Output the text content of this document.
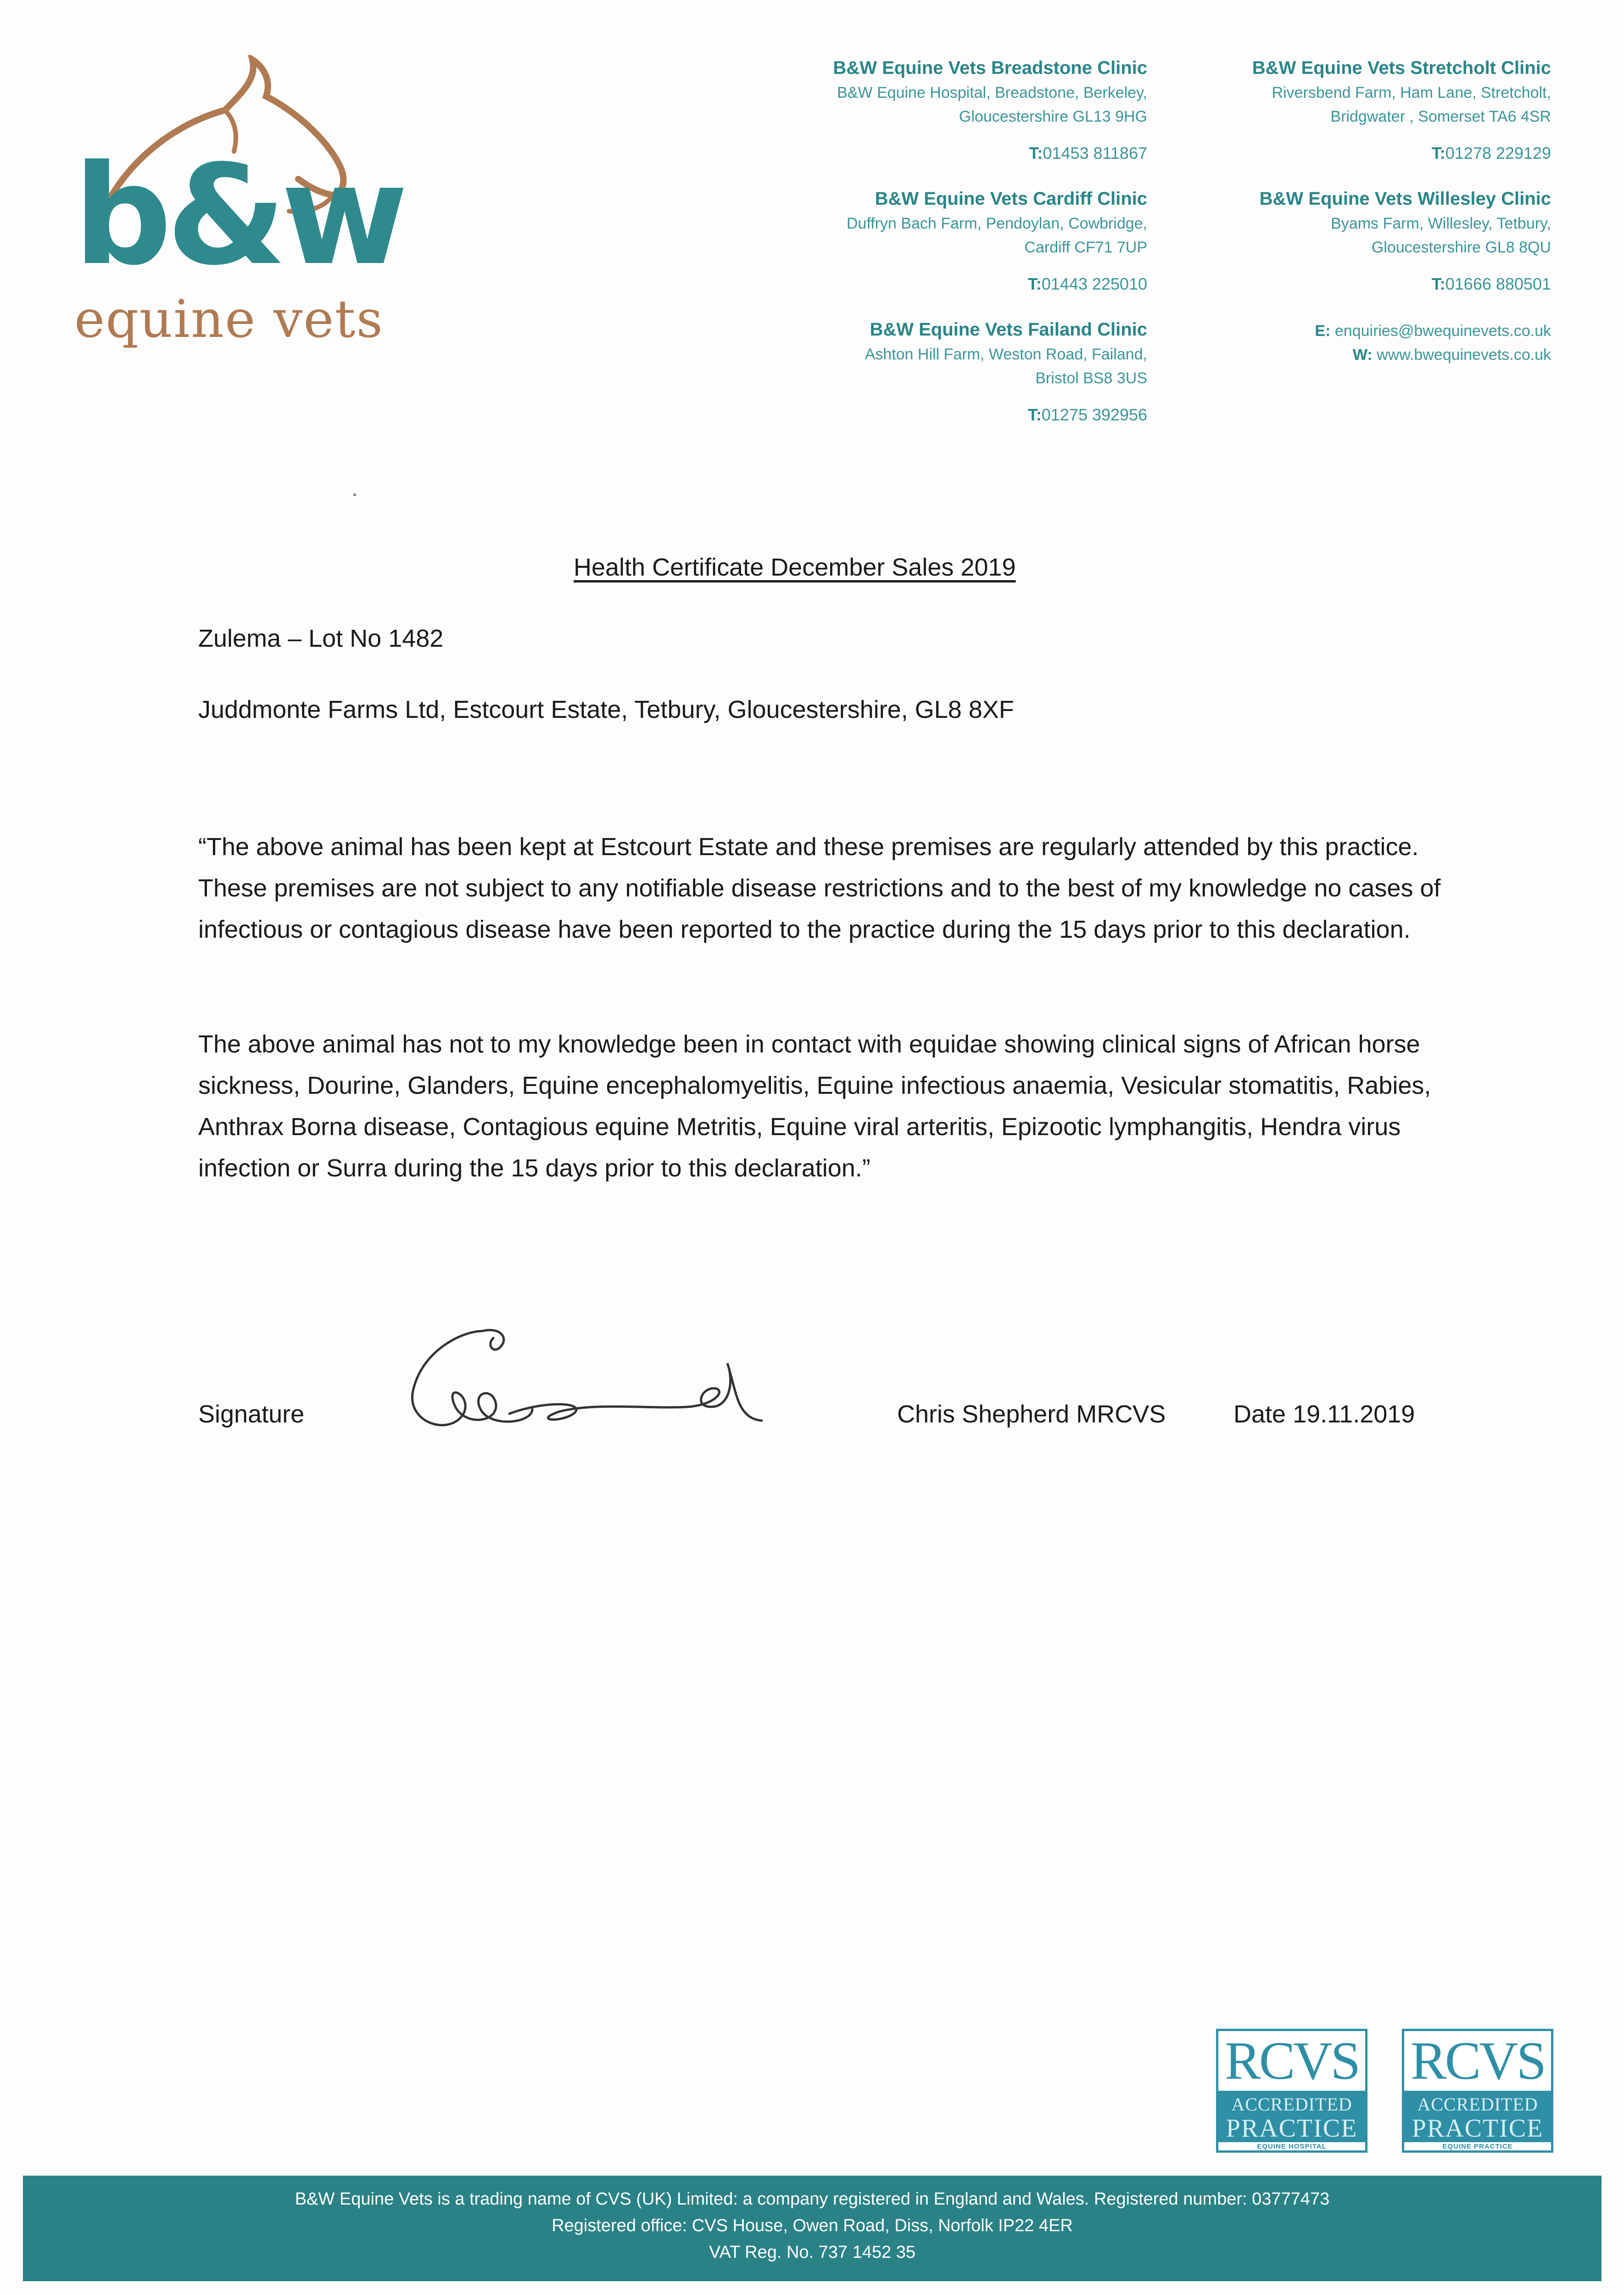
b&w
equine vets
B&W Equine Vets Breadstone Clinic
B&W Equine Hospital, Breadstone, Berkeley,
Gloucestershire GL13 9HG
T:01453 811867
B&W Equine Vets Stretcholt Clinic
Riversbend Farm, Ham Lane, Stretcholt,
Bridgwater , Somerset TA6 4SR
T:01278 229129
B&W Equine Vets Cardiff Clinic
Duffryn Bach Farm, Pendoylan, Cowbridge,
Cardiff CF71 7UP
T:01443 225010
B&W Equine Vets Willesley Clinic
Byams Farm, Willesley, Tetbury,
Gloucestershire GL8 8QU
T:01666 880501
B&W Equine Vets Failand Clinic
Ashton Hill Farm, Weston Road, Failand,
Bristol BS8 3US
T:01275 392956
E: enquiries@bwequinevets.co.uk
W: www.bwequinevets.co.uk
Health Certificate December Sales 2019
Zulema – Lot No 1482
Juddmonte Farms Ltd, Estcourt Estate, Tetbury, Gloucestershire, GL8 8XF
“The above animal has been kept at Estcourt Estate and these premises are regularly attended by this practice. These premises are not subject to any notifiable disease restrictions and to the best of my knowledge no cases of infectious or contagious disease have been reported to the practice during the 15 days prior to this declaration.
The above animal has not to my knowledge been in contact with equidae showing clinical signs of African horse sickness, Dourine, Glanders, Equine encephalomyelitis, Equine infectious anaemia, Vesicular stomatitis, Rabies, Anthrax Borna disease, Contagious equine Metritis, Equine viral arteritis, Epizootic lymphangitis, Hendra virus infection or Surra during the 15 days prior to this declaration.”
Signature	Chris Shepherd MRCVS	Date 19.11.2019
RCVS
ACCREDITED
PRACTICE
EQUINE HOSPITAL
RCVS
ACCREDITED
PRACTICE
EQUINE PRACTICE
B&W Equine Vets is a trading name of CVS (UK) Limited: a company registered in England and Wales. Registered number: 03777473
Registered office: CVS House, Owen Road, Diss, Norfolk IP22 4ER
VAT Reg. No. 737 1452 35
